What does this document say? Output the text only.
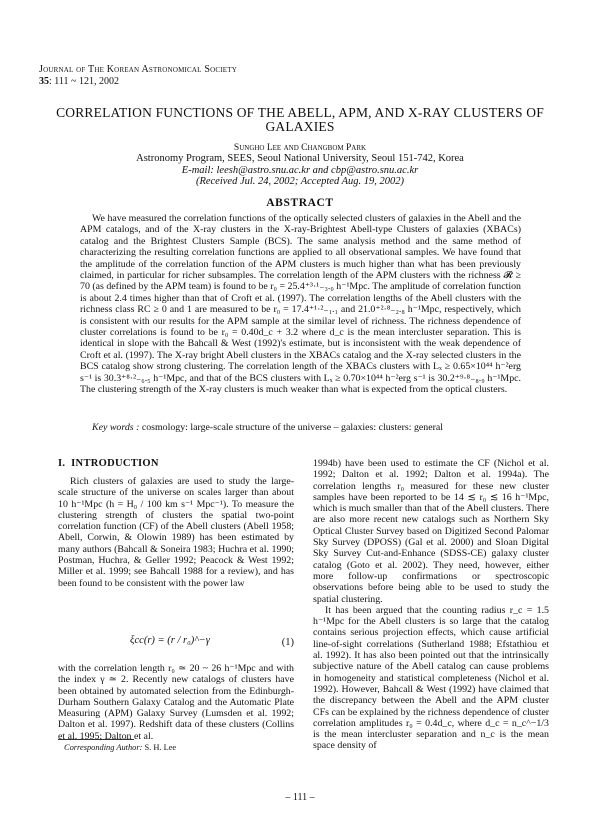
Journal of The Korean Astronomical Society
35: 111 ~ 121, 2002
CORRELATION FUNCTIONS OF THE ABELL, APM, AND X-RAY CLUSTERS OF GALAXIES
Sungho Lee and Changbom Park
Astronomy Program, SEES, Seoul National University, Seoul 151-742, Korea
E-mail: leesh@astro.snu.ac.kr and cbp@astro.snu.ac.kr
(Received Jul. 24, 2002; Accepted Aug. 19, 2002)
ABSTRACT

We have measured the correlation functions of the optically selected clusters of galaxies in the Abell and the APM catalogs, and of the X-ray clusters in the X-ray-Brightest Abell-type Clusters of galaxies (XBACs) catalog and the Brightest Clusters Sample (BCS). The same analysis method and the same method of characterizing the resulting correlation functions are applied to all observational samples. We have found that the amplitude of the correlation function of the APM clusters is much higher than what has been previously claimed, in particular for richer subsamples. The correlation length of the APM clusters with the richness 𝓡 ≥ 70 (as defined by the APM team) is found to be r₀ = 25.4⁺³·¹₋₃.₀ h⁻¹Mpc. The amplitude of correlation function is about 2.4 times higher than that of Croft et al. (1997). The correlation lengths of the Abell clusters with the richness class RC ≥ 0 and 1 are measured to be r₀ = 17.4⁺¹·²₋₁.₁ and 21.0⁺²·⁸₋₂.₈ h⁻¹Mpc, respectively, which is consistent with our results for the APM sample at the similar level of richness. The richness dependence of cluster correlations is found to be r₀ = 0.40d_c + 3.2 where d_c is the mean intercluster separation. This is identical in slope with the Bahcall & West (1992)'s estimate, but is inconsistent with the weak dependence of Croft et al. (1997). The X-ray bright Abell clusters in the XBACs catalog and the X-ray selected clusters in the BCS catalog show strong clustering. The correlation length of the XBACs clusters with Lₓ ≥ 0.65×10⁴⁴ h⁻²erg s⁻¹ is 30.3⁺⁸·²₋₆.₅ h⁻¹Mpc, and that of the BCS clusters with Lₓ ≥ 0.70×10⁴⁴ h⁻²erg s⁻¹ is 30.2⁺⁹·⁸₋₈.₉ h⁻¹Mpc. The clustering strength of the X-ray clusters is much weaker than what is expected from the optical clusters.

Key words : cosmology: large-scale structure of the universe – galaxies: clusters: general
I. INTRODUCTION

Rich clusters of galaxies are used to study the large-scale structure of the universe on scales larger than about 10 h⁻¹Mpc (h = H₀ / 100 km s⁻¹ Mpc⁻¹). To measure the clustering strength of clusters the spatial two-point correlation function (CF) of the Abell clusters (Abell 1958; Abell, Corwin, & Olowin 1989) has been estimated by many authors (Bahcall & Soneira 1983; Huchra et al. 1990; Postman, Huchra, & Geller 1992; Peacock & West 1992; Miller et al. 1999; see Bahcall 1988 for a review), and has been found to be consistent with the power law

ξcc(r) = (r / r₀)^−γ	(1)

with the correlation length r₀ ≃ 20 ~ 26 h⁻¹Mpc and with the index γ ≃ 2. Recently new catalogs of clusters have been obtained by automated selection from the Edinburgh-Durham Southern Galaxy Catalog and the Automatic Plate Measuring (APM) Galaxy Survey (Lumsden et al. 1992; Dalton et al. 1997). Redshift data of these clusters (Collins et al. 1995; Dalton et al.

1994b) have been used to estimate the CF (Nichol et al. 1992; Dalton et al. 1992; Dalton et al. 1994a). The correlation lengths r₀ measured for these new cluster samples have been reported to be 14 ≲ r₀ ≲ 16 h⁻¹Mpc, which is much smaller than that of the Abell clusters. There are also more recent new catalogs such as Northern Sky Optical Cluster Survey based on Digitized Second Palomar Sky Survey (DPOSS) (Gal et al. 2000) and Sloan Digital Sky Survey Cut-and-Enhance (SDSS-CE) galaxy cluster catalog (Goto et al. 2002). They need, however, either more follow-up confirmations or spectroscopic observations before being able to be used to study the spatial clustering.

It has been argued that the counting radius r_c = 1.5 h⁻¹Mpc for the Abell clusters is so large that the catalog contains serious projection effects, which cause artificial line-of-sight correlations (Sutherland 1988; Efstathiou et al. 1992). It has also been pointed out that the intrinsically subjective nature of the Abell catalog can cause problems in homogeneity and statistical completeness (Nichol et al. 1992). However, Bahcall & West (1992) have claimed that the discrepancy between the Abell and the APM cluster CFs can be explained by the richness dependence of cluster correlation amplitudes r₀ = 0.4d_c, where d_c = n_c^−1/3 is the mean intercluster separation and n_c is the mean space density of

Corresponding Author: S. H. Lee
– 111 –
